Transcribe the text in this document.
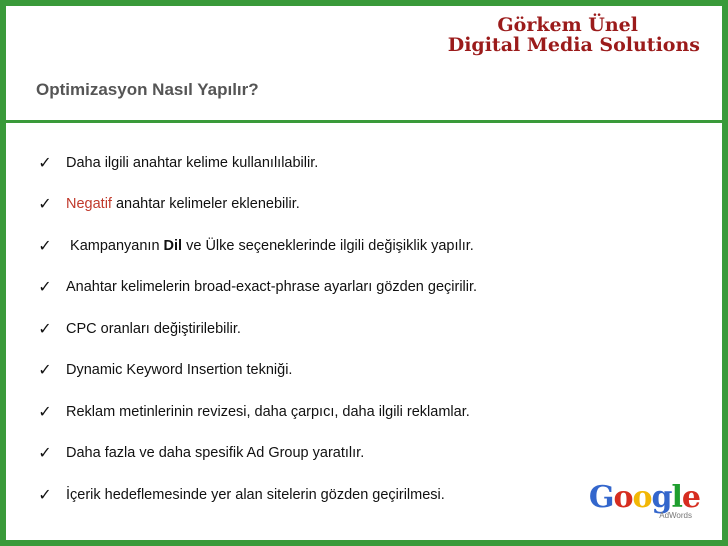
Görkem Ünel
Digital Media Solutions
Optimizasyon Nasıl Yapılır?
✓ Daha ilgili anahtar kelime kullanılılabilir.
✓ Negatif anahtar kelimeler eklenebilir.
✓ Kampanyanın Dil ve Ülke seçeneklerinde ilgili değişiklik yapılır.
✓ Anahtar kelimelerin broad-exact-phrase ayarları gözden geçirilir.
✓ CPC oranları değiştirilebilir.
✓ Dynamic Keyword Insertion tekniği.
✓ Reklam metinlerinin revizesi, daha çarpıcı, daha ilgili reklamlar.
✓ Daha fazla ve daha spesifik Ad Group yaratılır.
✓ İçerik hedeflemesinde yer alan sitelerin gözden geçirilmesi.	Google
AdWords
